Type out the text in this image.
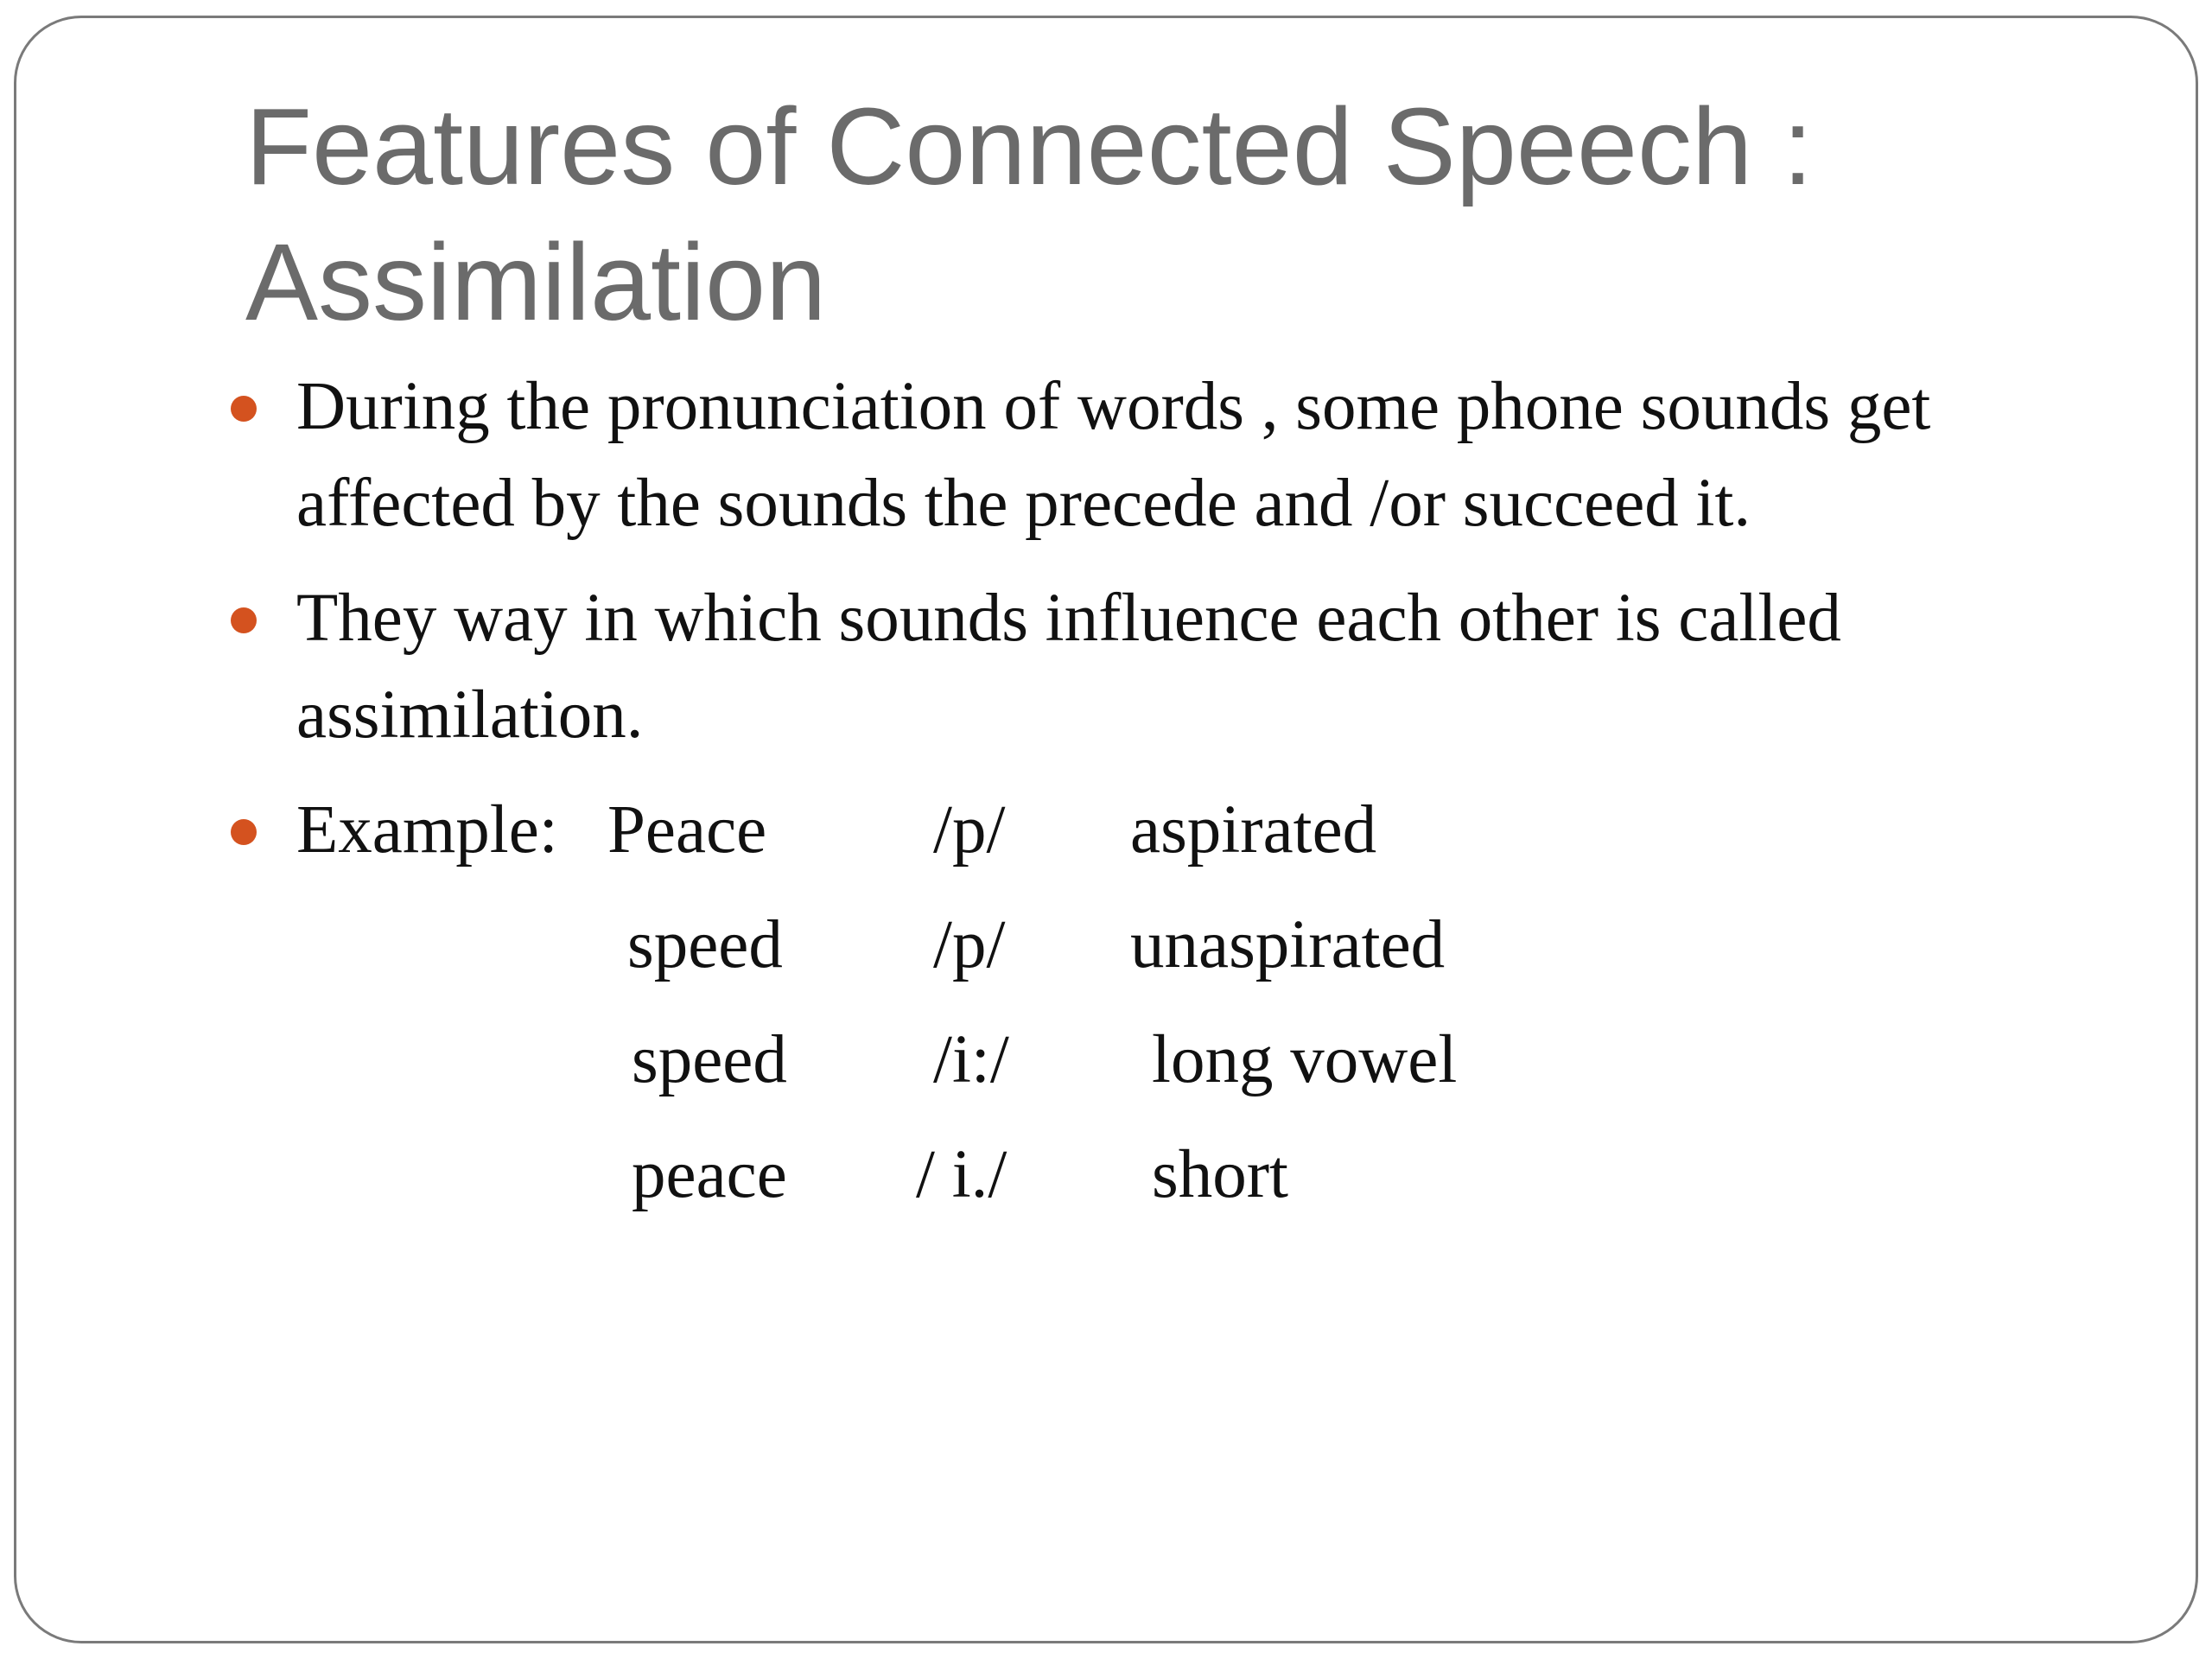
Features of Connected Speech :
Assimilation
During the pronunciation of words , some phone sounds get affected by the sounds the precede and /or succeed it.
They way in which sounds influence each other is called assimilation.
Example: Peace /p/ aspirated
speed /p/ unaspirated
speed /i:/ long vowel
peace / i./ short
